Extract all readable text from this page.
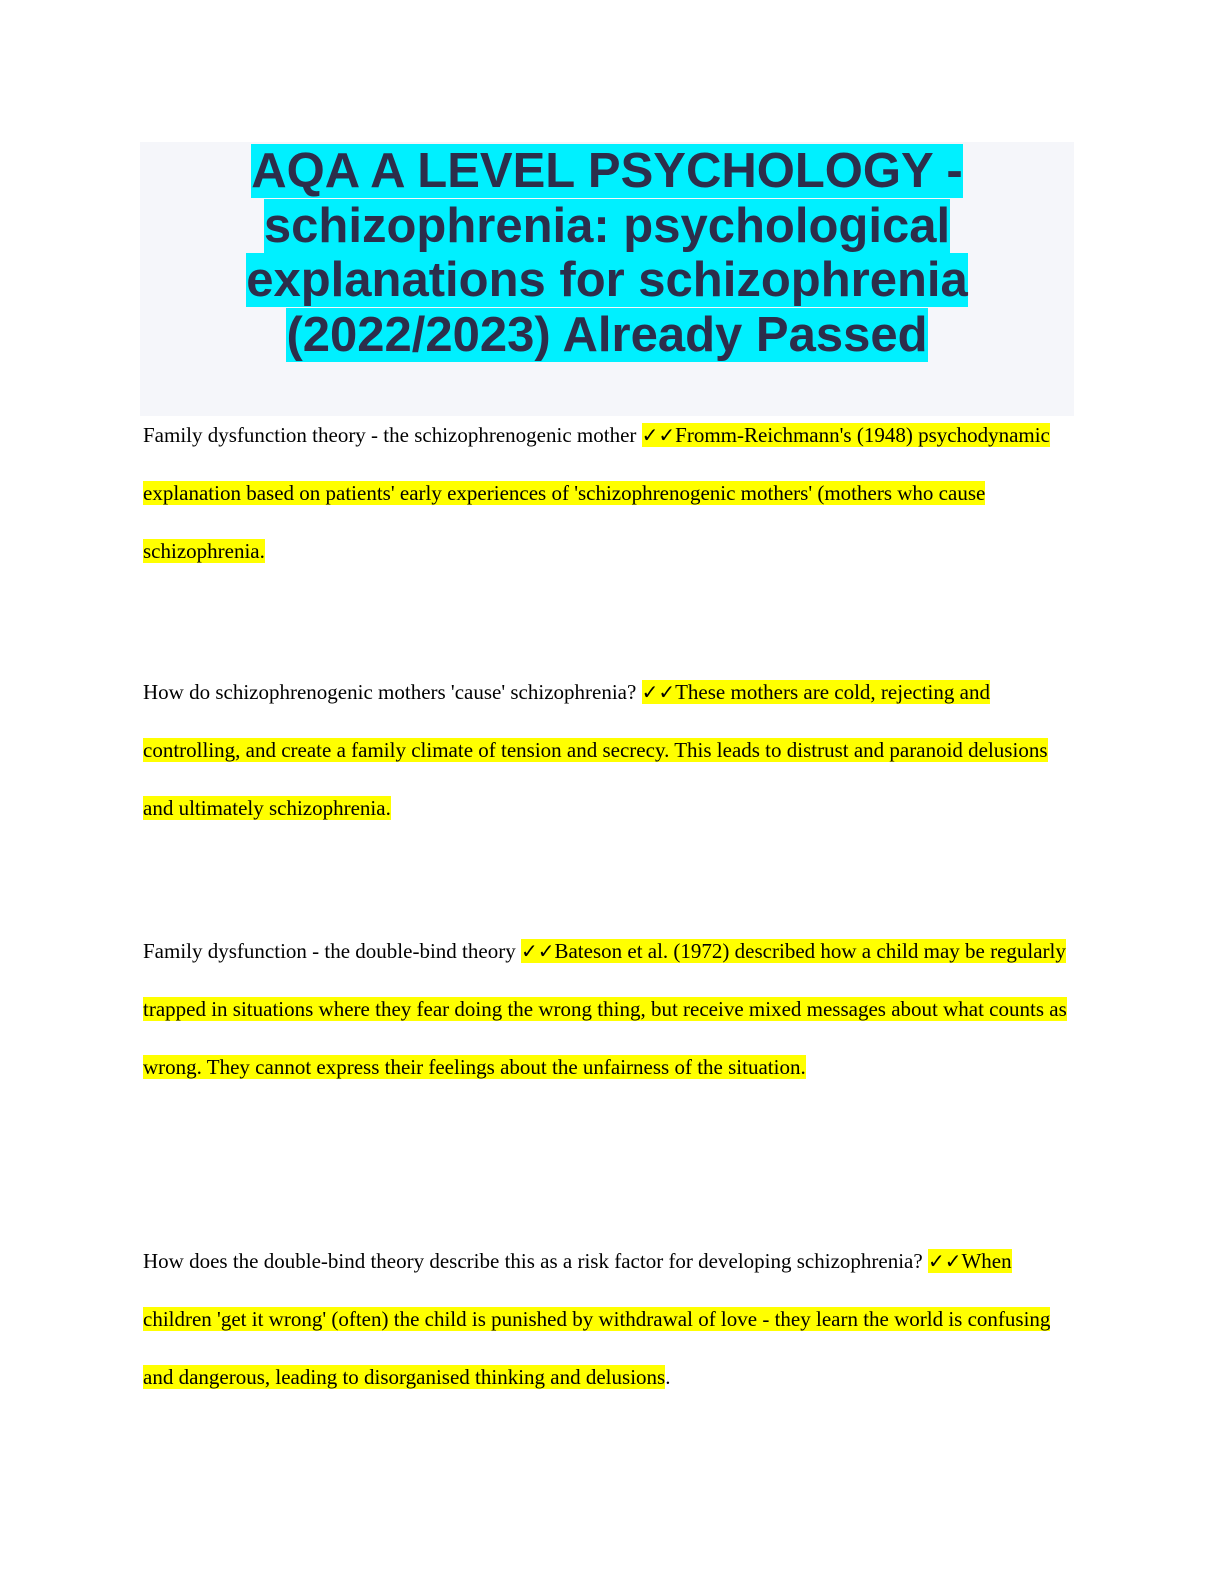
AQA A LEVEL PSYCHOLOGY -
schizophrenia: psychological
explanations for schizophrenia
(2022/2023) Already Passed
Family dysfunction theory - the schizophrenogenic mother ✓✓Fromm-Reichmann's (1948) psychodynamic explanation based on patients' early experiences of 'schizophrenogenic mothers' (mothers who cause schizophrenia.
How do schizophrenogenic mothers 'cause' schizophrenia? ✓✓These mothers are cold, rejecting and controlling, and create a family climate of tension and secrecy. This leads to distrust and paranoid delusions and ultimately schizophrenia.
Family dysfunction - the double-bind theory ✓✓Bateson et al. (1972) described how a child may be regularly trapped in situations where they fear doing the wrong thing, but receive mixed messages about what counts as wrong. They cannot express their feelings about the unfairness of the situation.
How does the double-bind theory describe this as a risk factor for developing schizophrenia? ✓✓When children 'get it wrong' (often) the child is punished by withdrawal of love - they learn the world is confusing and dangerous, leading to disorganised thinking and delusions.
